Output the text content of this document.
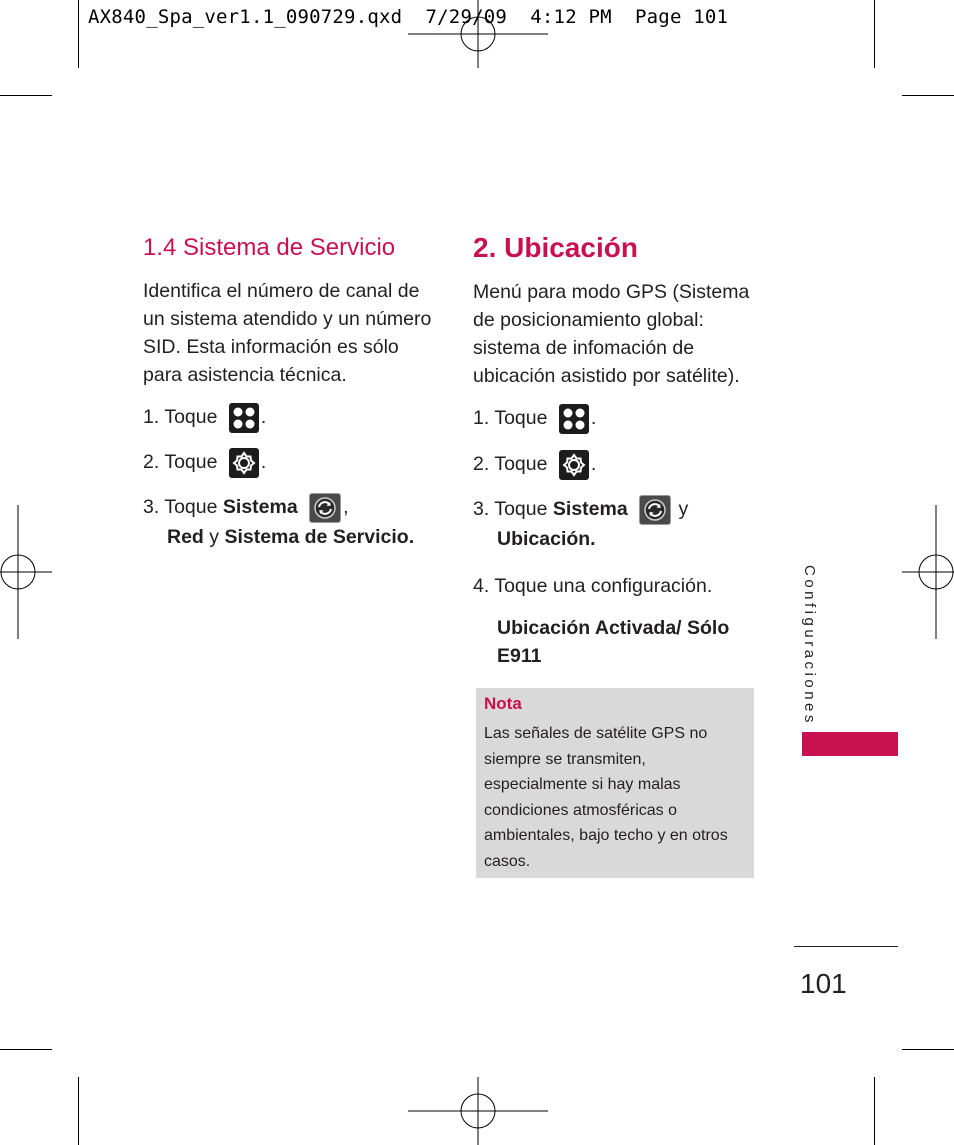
AX840_Spa_ver1.1_090729.qxd  7/29/09  4:12 PM  Page 101
1.4 Sistema de Servicio

Identifica el número de canal de un sistema atendido y un número SID. Esta información es sólo para asistencia técnica.

1. Toque .
2. Toque .
3. Toque Sistema ,
Red y Sistema de Servicio.
2. Ubicación

Menú para modo GPS (Sistema de posicionamiento global: sistema de infomación de ubicación asistido por satélite).

1. Toque .
2. Toque .
3. Toque Sistema	y
Ubicación.
4. Toque una configuración.
Ubicación Activada/ Sólo
E911
Nota

Las señales de satélite GPS no siempre se transmiten, especialmente si hay malas condiciones atmosféricas o ambientales, bajo techo y en otros casos.

Configuraciones
101
